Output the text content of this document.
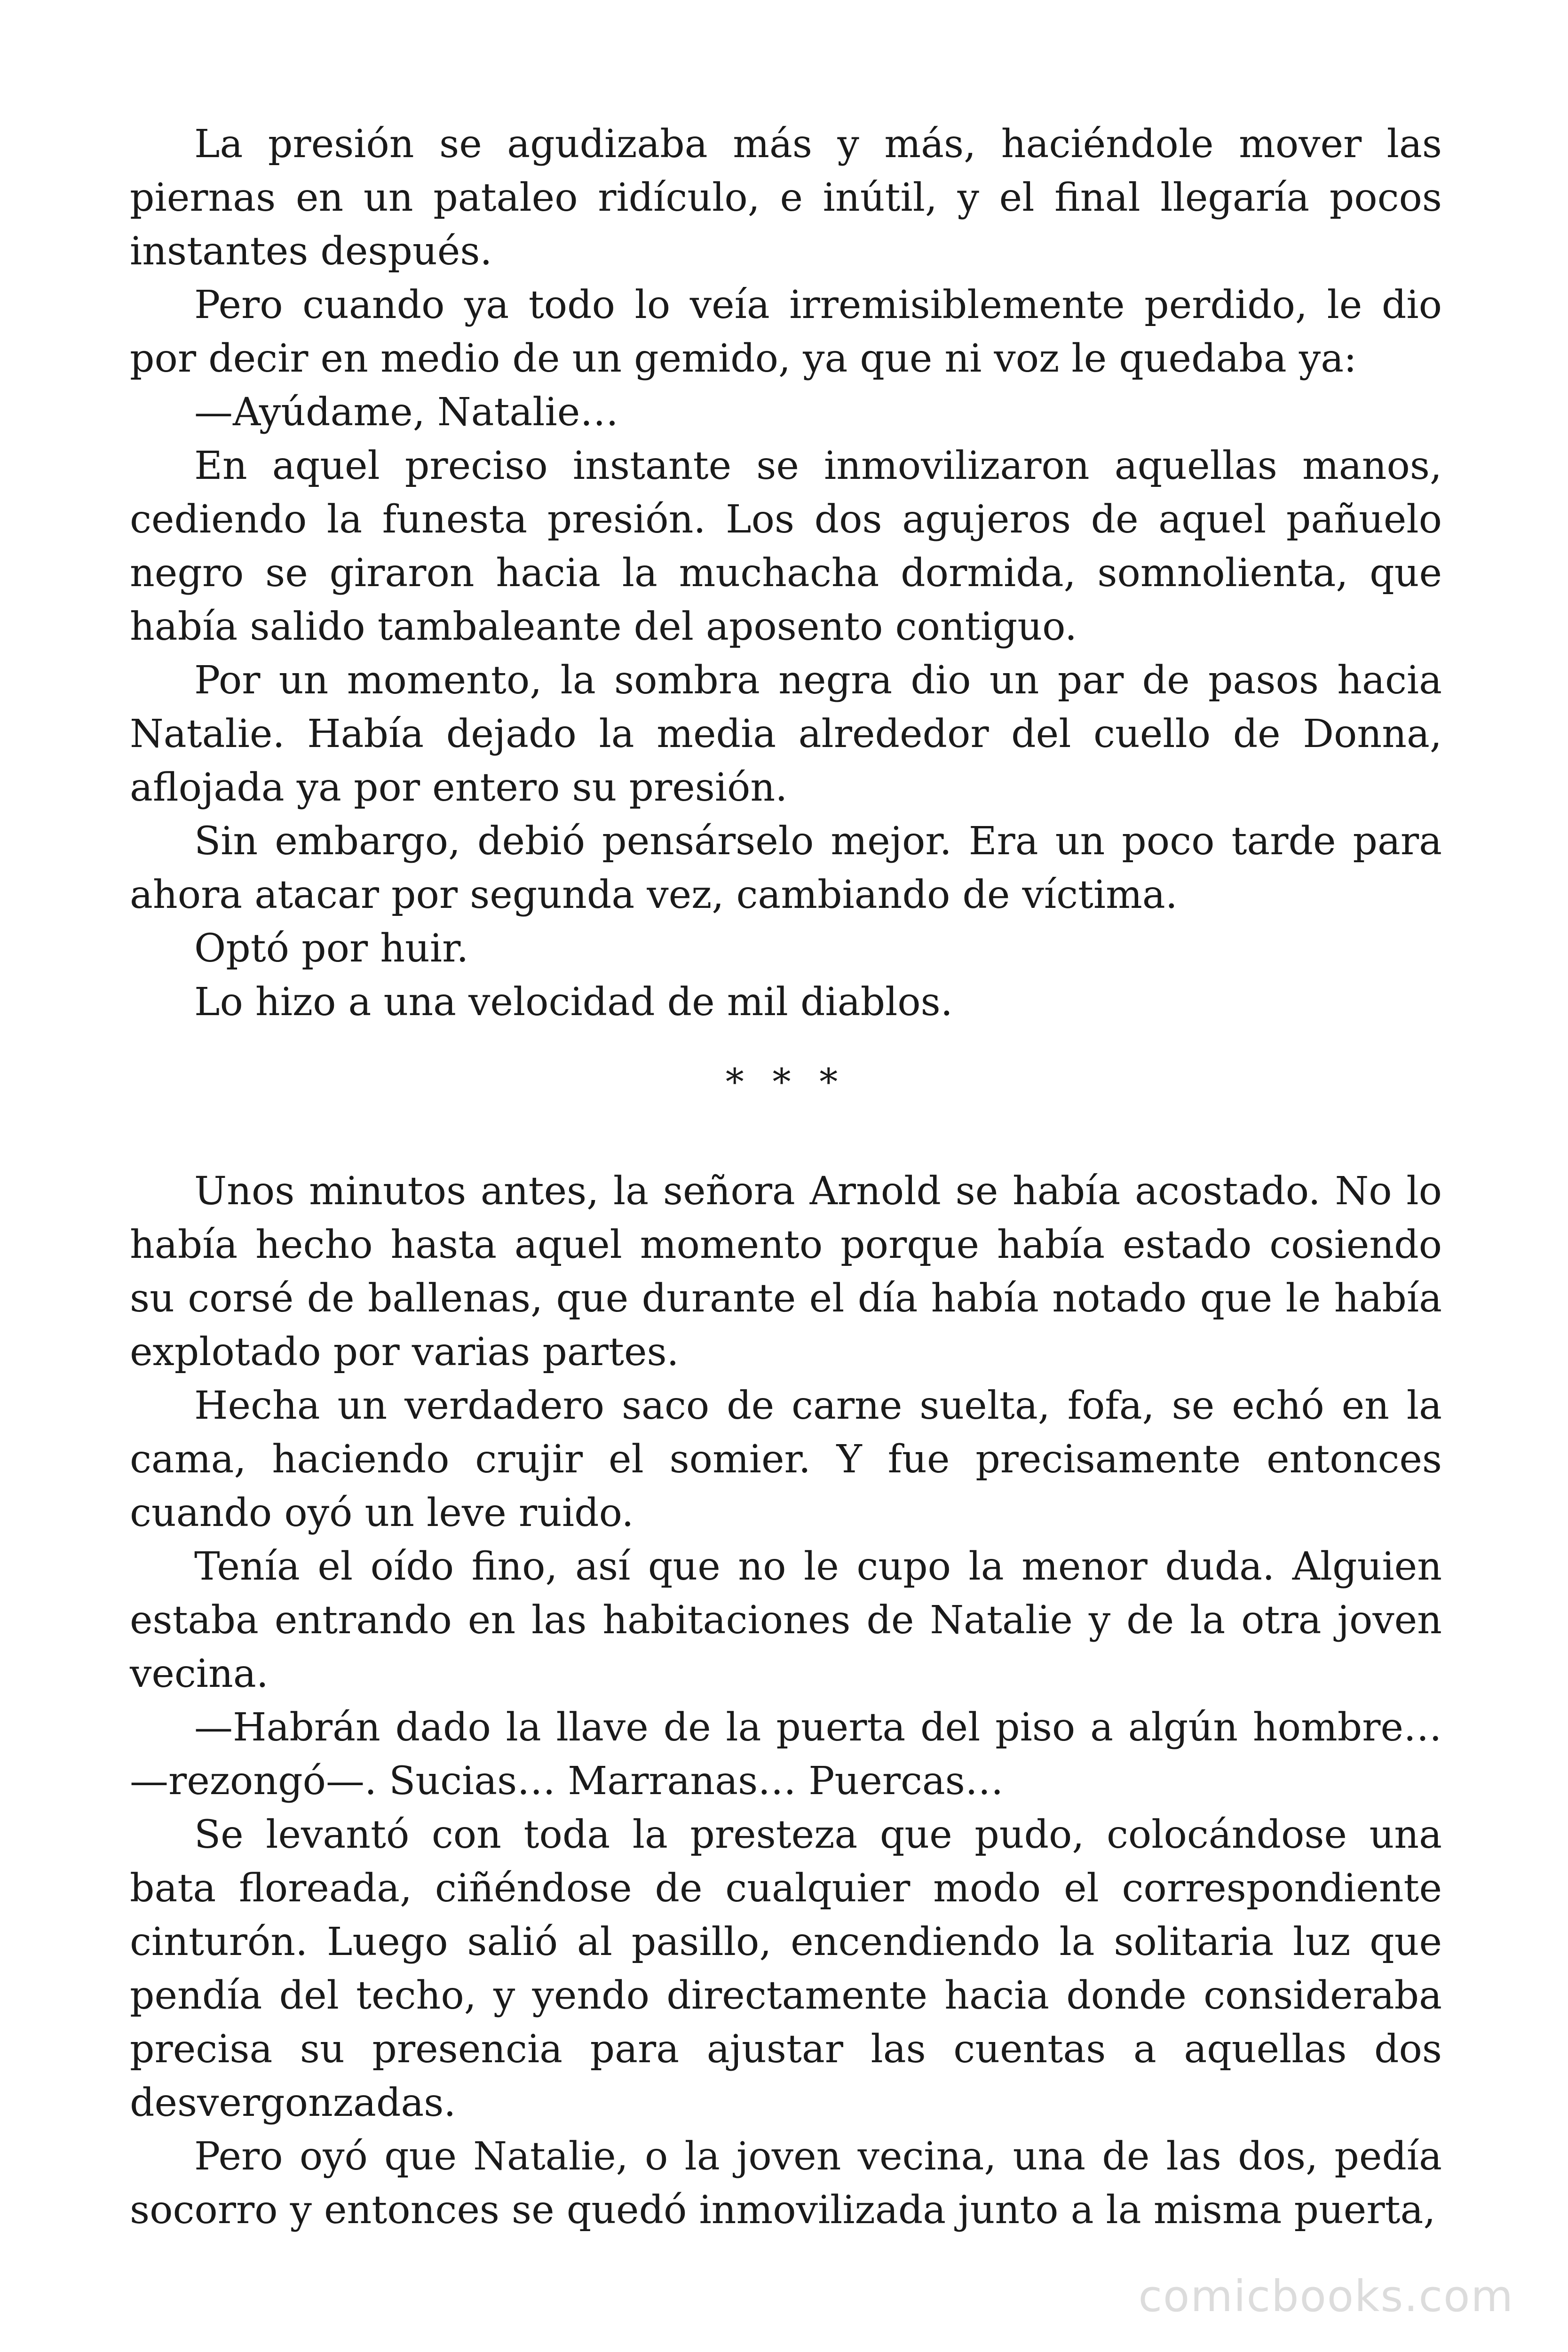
La presión se agudizaba más y más, haciéndole mover las piernas en un pataleo ridículo, e inútil, y el final llegaría pocos instantes después.

Pero cuando ya todo lo veía irremisiblemente perdido, le dio por decir en medio de un gemido, ya que ni voz le quedaba ya:

—Ayúdame, Natalie…

En aquel preciso instante se inmovilizaron aquellas manos, cediendo la funesta presión. Los dos agujeros de aquel pañuelo negro se giraron hacia la muchacha dormida, somnolienta, que había salido tambaleante del aposento contiguo.

Por un momento, la sombra negra dio un par de pasos hacia Natalie. Había dejado la media alrededor del cuello de Donna, aflojada ya por entero su presión.

Sin embargo, debió pensárselo mejor. Era un poco tarde para ahora atacar por segunda vez, cambiando de víctima.

Optó por huir.

Lo hizo a una velocidad de mil diablos.

* * *

Unos minutos antes, la señora Arnold se había acostado. No lo había hecho hasta aquel momento porque había estado cosiendo su corsé de ballenas, que durante el día había notado que le había explotado por varias partes.

Hecha un verdadero saco de carne suelta, fofa, se echó en la cama, haciendo crujir el somier. Y fue precisamente entonces cuando oyó un leve ruido.

Tenía el oído fino, así que no le cupo la menor duda. Alguien estaba entrando en las habitaciones de Natalie y de la otra joven vecina.

—Habrán dado la llave de la puerta del piso a algún hombre… —rezongó—. Sucias… Marranas… Puercas…

Se levantó con toda la presteza que pudo, colocándose una bata floreada, ciñéndose de cualquier modo el correspondiente cinturón. Luego salió al pasillo, encendiendo la solitaria luz que pendía del techo, y yendo directamente hacia donde consideraba precisa su presencia para ajustar las cuentas a aquellas dos desvergonzadas.

Pero oyó que Natalie, o la joven vecina, una de las dos, pedía socorro y entonces se quedó inmovilizada junto a la misma puerta,

comicbooks.com
